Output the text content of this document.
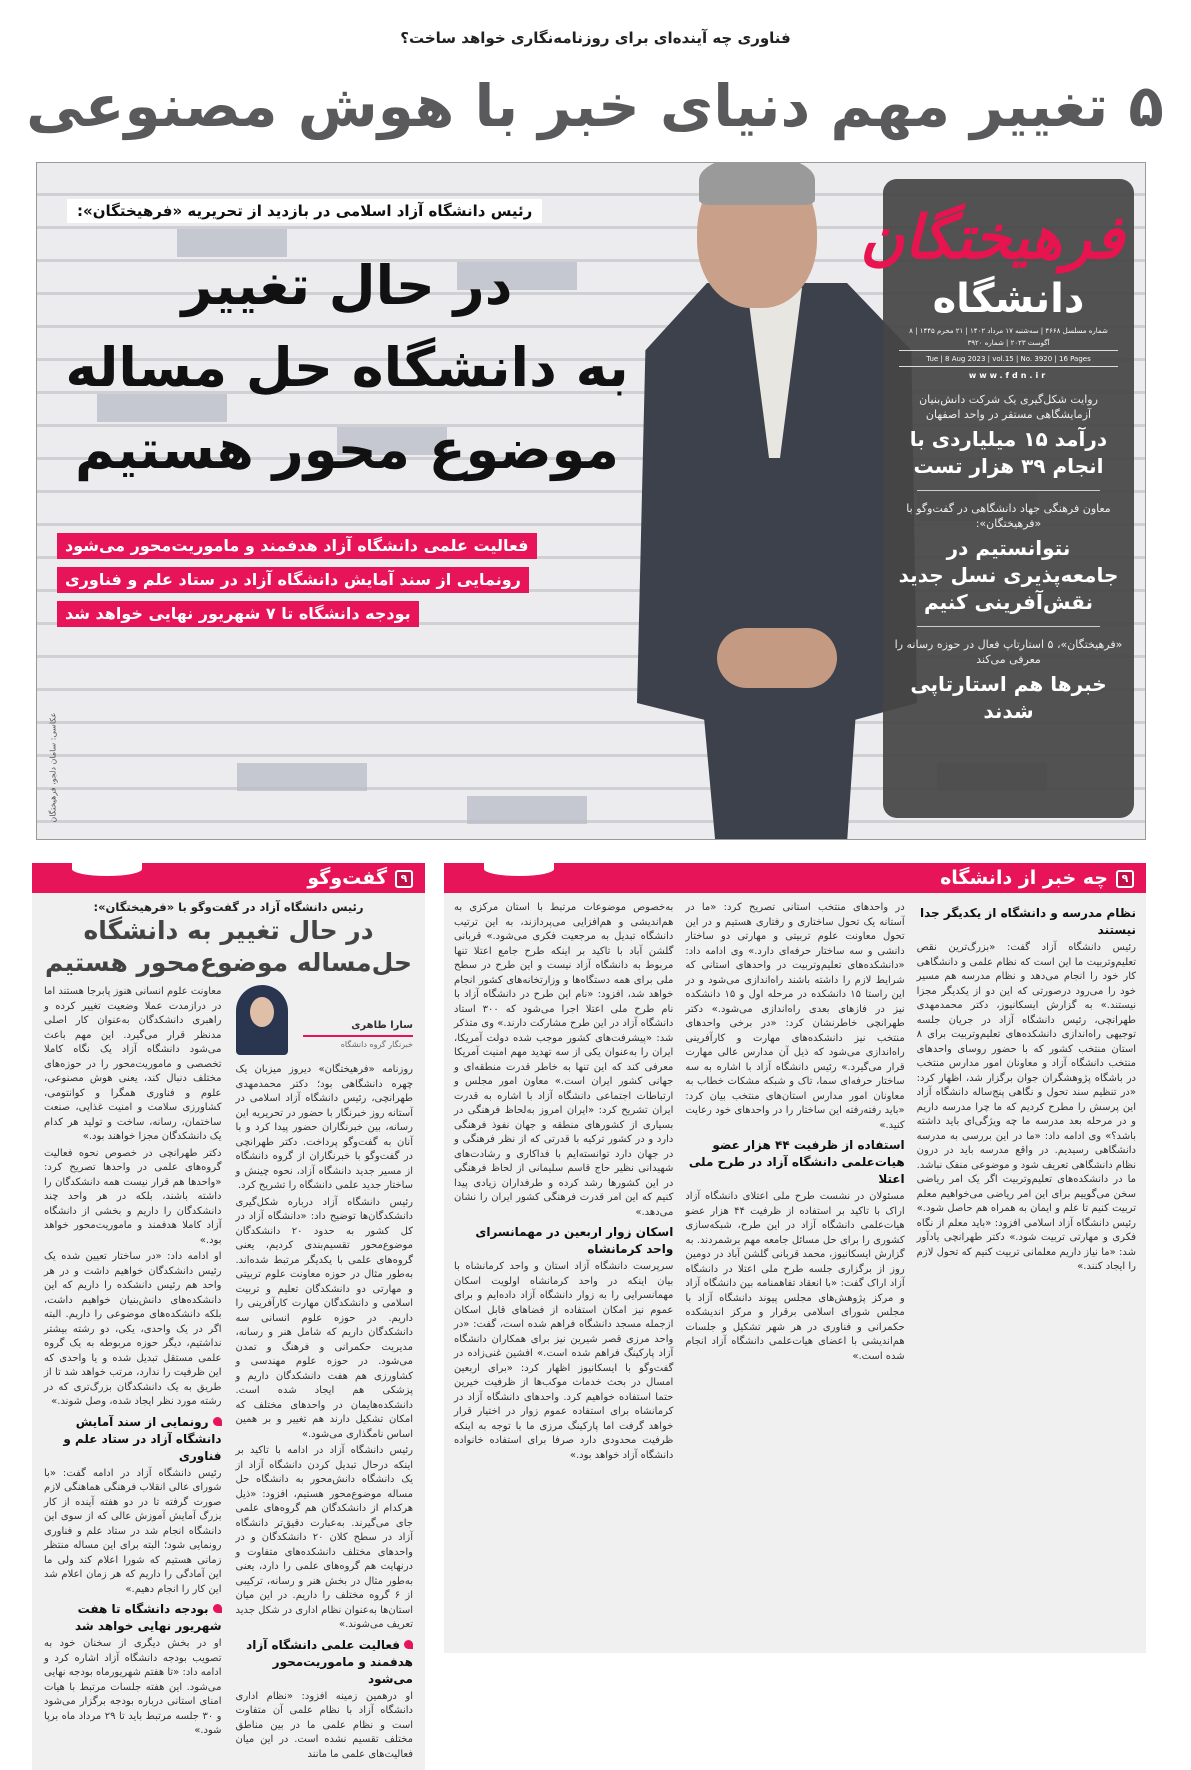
فناوری چه آینده‌ای برای روزنامه‌نگاری خواهد ساخت؟
۵ تغییر مهم دنیای خبر با هوش مصنوعی
رئیس دانشگاه آزاد اسلامی در بازدید از تحریریه «فرهیختگان»:
در حال تغییر
به دانشگاه حل مساله
موضوع محور هستیم
فعالیت علمی دانشگاه آزاد هدفمند و ماموریت‌محور می‌شود
رونمایی از سند آمایش دانشگاه آزاد در ستاد علم و فناوری
بودجه دانشگاه تا ۷ شهریور نهایی خواهد شد
عکاسی: سامان دلجو، فرهیختگان
فرهیختگان
دانشگاه
شماره مسلسل ۴۶۶۸ | سه‌شنبه ۱۷ مرداد ۱۴۰۲ | ۲۱ محرم ۱۴۴۵ | ۸ آگوست ۲۰۲۳ | شماره ۳۹۲۰
Tue | 8 Aug 2023 | vol.15 | No. 3920 | 16 Pages
www.fdn.ir
روایت شکل‌گیری یک شرکت دانش‌بنیان آزمایشگاهی مستقر در واحد اصفهان
درآمد ۱۵ میلیاردی با انجام ۳۹ هزار تست
معاون فرهنگی جهاد دانشگاهی در گفت‌وگو با «فرهیختگان»:
نتوانستیم در جامعه‌پذیری نسل جدید نقش‌آفرینی کنیم
«فرهیختگان»، ۵ استارتاپ فعال در حوزه رسانه را معرفی می‌کند
خبرها هم استارتاپی شدند
۹گفت‌وگو
رئیس دانشگاه آزاد در گفت‌وگو با «فرهیختگان»:
در حال تغییر به دانشگاه حل‌مساله موضوع‌محور هستیم
سارا طاهری
خبرنگار گروه دانشگاه

روزنامه «فرهیختگان» دیروز میزبان یک چهره دانشگاهی بود؛ دکتر محمدمهدی طهرانچی، رئیس دانشگاه آزاد اسلامی در آستانه روز خبرنگار با حضور در تحریریه این رسانه، بین خبرنگاران حضور پیدا کرد و با آنان به گفت‌وگو پرداخت. دکتر طهرانچی در گفت‌وگو با خبرنگاران از گروه دانشگاه از مسیر جدید دانشگاه آزاد، نحوه چینش و ساختار جدید علمی دانشگاه را تشریح کرد.

رئیس دانشگاه آزاد درباره شکل‌گیری دانشکدگان‌ها توضیح داد: «دانشگاه آزاد در کل کشور به حدود ۲۰ دانشکدگان موضوع‌محور تقسیم‌بندی کردیم، یعنی گروه‌های علمی با یکدیگر مرتبط شده‌اند. به‌طور مثال در حوزه معاونت علوم تربیتی و مهارتی دو دانشکدگان تعلیم و تربیت اسلامی و دانشکدگان مهارت کارآفرینی را داریم. در حوزه علوم انسانی سه دانشکدگان داریم که شامل هنر و رسانه، مدیریت حکمرانی و فرهنگ و تمدن می‌شود. در حوزه علوم مهندسی و کشاورزی هم هفت دانشکدگان داریم و پزشکی هم ایجاد شده است. دانشکده‌هایمان در واحدهای مختلف که امکان تشکیل دارند هم تغییر و بر همین اساس نامگذاری می‌شود.»

رئیس دانشگاه آزاد در ادامه با تاکید بر اینکه درحال تبدیل کردن دانشگاه آزاد از یک دانشگاه دانش‌محور به دانشگاه حل مساله موضوع‌محور هستیم، افزود: «ذیل هرکدام از دانشکدگان هم گروه‌های علمی جای می‌گیرند. به‌عبارت دقیق‌تر دانشگاه آزاد در سطح کلان ۲۰ دانشکدگان و در واحدهای مختلف دانشکده‌های متفاوت و درنهایت هم گروه‌های علمی را دارد، یعنی به‌طور مثال در بخش هنر و رسانه، ترکیبی از ۶ گروه مختلف را داریم. در این میان استان‌ها به‌عنوان نظام اداری در شکل جدید تعریف می‌شوند.»

فعالیت علمی دانشگاه آزاد هدفمند و ماموریت‌محور می‌شود

او درهمین زمینه افزود: «نظام اداری دانشگاه آزاد با نظام علمی آن متفاوت است و نظام علمی ما در بین مناطق مختلف تقسیم نشده است. در این میان فعالیت‌های علمی ما مانند

معاونت علوم انسانی هنوز پابرجا هستند اما در درازمدت عملا وضعیت تغییر کرده و راهبری دانشکدگان به‌عنوان کار اصلی مدنظر قرار می‌گیرد. این مهم باعث می‌شود دانشگاه آزاد یک نگاه کاملا تخصصی و ماموریت‌محور را در حوزه‌های مختلف دنبال کند، یعنی هوش مصنوعی، علوم و فناوری همگرا و کوانتومی، کشاورزی سلامت و امنیت غذایی، صنعت ساختمان، رسانه، ساخت و تولید هر کدام یک دانشکدگان مجزا خواهند بود.»

دکتر طهرانچی در خصوص نحوه فعالیت گروه‌های علمی در واحدها تصریح کرد: «واحدها هم قرار نیست همه دانشکدگان را داشته باشند، بلکه در هر واحد چند دانشکدگان را داریم و بخشی از دانشگاه آزاد کاملا هدفمند و ماموریت‌محور خواهد بود.»

او ادامه داد: «در ساختار تعیین شده یک رئیس دانشکدگان خواهیم داشت و در هر واحد هم رئیس دانشکده را داریم که این دانشکده‌های دانش‌بنیان خواهیم داشت، بلکه دانشکده‌های موضوعی را داریم. البته اگر در یک واحدی، یکی، دو رشته بیشتر نداشتیم، دیگر حوزه مربوطه به یک گروه علمی مستقل تبدیل شده و یا واحدی که این ظرفیت را ندارد، مرتب خواهد شد تا از طریق به یک دانشکدگان بزرگ‌تری که در رشته مورد نظر ایجاد شده، وصل شوند.»

رونمایی از سند آمایش دانشگاه آزاد در ستاد علم و فناوری

رئیس دانشگاه آزاد در ادامه گفت: «با شورای عالی انقلاب فرهنگی هماهنگی لازم صورت گرفته تا در دو هفته آینده از کار بزرگ آمایش آموزش عالی که از سوی این دانشگاه انجام شد در ستاد علم و فناوری رونمایی شود؛ البته برای این مساله منتظر زمانی هستیم که شورا اعلام کند ولی ما این آمادگی را داریم که هر زمان اعلام شد این کار را انجام دهیم.»

بودجه دانشگاه تا هفت شهریور نهایی خواهد شد

او در بخش دیگری از سخنان خود به تصویب بودجه دانشگاه آزاد اشاره کرد و ادامه داد: «تا هفتم شهریورماه بودجه نهایی می‌شود. این هفته جلسات مرتبط با هیات امنای استانی درباره بودجه برگزار می‌شود و ۳۰ جلسه مرتبط باید تا ۲۹ مرداد ماه برپا شود.»

۹چه خبر از دانشگاه
نظام مدرسه و دانشگاه از یکدیگر جدا نیستند

رئیس دانشگاه آزاد گفت: «بزرگ‌ترین نقص تعلیم‌وتربیت ما این است که نظام علمی و دانشگاهی کار خود را انجام می‌دهد و نظام مدرسه هم مسیر خود را می‌رود درصورتی که این دو از یکدیگر مجزا نیستند.» به گزارش ایسکانیوز، دکتر محمدمهدی طهرانچی، رئیس دانشگاه آزاد در جریان جلسه توجیهی راه‌اندازی دانشکده‌های تعلیم‌وتربیت برای ۸ استان منتخب کشور که با حضور روسای واحدهای منتخب دانشگاه آزاد و معاونان امور مدارس منتخب در باشگاه پژوهشگران جوان برگزار شد، اظهار کرد: «در تنظیم سند تحول و نگاهی پنج‌ساله دانشگاه آزاد این پرسش را مطرح کردیم که ما چرا مدرسه داریم و در مرحله بعد مدرسه ما چه ویژگی‌ای باید داشته باشد؟» وی ادامه داد: «ما در این بررسی به مدرسه دانشگاهی رسیدیم. در واقع مدرسه باید در درون نظام دانشگاهی تعریف شود و موضوعی منفک نباشد. ما در دانشکده‌های تعلیم‌وتربیت اگر یک امر ریاضی سخن می‌گوییم برای این امر ریاضی می‌خواهیم معلم تربیت کنیم تا علم و ایمان به همراه هم حاصل شود.» رئیس دانشگاه آزاد اسلامی افزود: «باید معلم از نگاه فکری و مهارتی تربیت شود.» دکتر طهرانچی یادآور شد: «ما نیاز داریم معلمانی تربیت کنیم که تحول لازم را ایجاد کنند.»

در واحدهای منتخب استانی تصریح کرد: «ما در آستانه یک تحول ساختاری و رفتاری هستیم و در این تحول معاونت علوم تربیتی و مهارتی دو ساختار دانشی و سه ساختار حرفه‌ای دارد.» وی ادامه داد: «دانشکده‌های تعلیم‌وتربیت در واحدهای استانی که شرایط لازم را داشته باشند راه‌اندازی می‌شود و در این راستا ۱۵ دانشکده در مرحله اول و ۱۵ دانشکده نیز در فازهای بعدی راه‌اندازی می‌شود.» دکتر طهرانچی خاطرنشان کرد: «در برخی واحدهای منتخب نیز دانشکده‌های مهارت و کارآفرینی راه‌اندازی می‌شود که ذیل آن مدارس عالی مهارت قرار می‌گیرد.» رئیس دانشگاه آزاد با اشاره به سه ساختار حرفه‌ای سما، تاک و شبکه مشکات خطاب به معاونان امور مدارس استان‌های منتخب بیان کرد: «باید رفته‌رفته این ساختار را در واحدهای خود رعایت کنید.»

استفاده از ظرفیت ۴۴ هزار عضو هیات‌علمی دانشگاه آزاد در طرح ملی اعتلا

مسئولان در نشست طرح ملی اعتلای دانشگاه آزاد اراک با تاکید بر استفاده از ظرفیت ۴۴ هزار عضو هیات‌علمی دانشگاه آزاد در این طرح، شبکه‌سازی کشوری را برای حل مسائل جامعه مهم برشمردند. به گزارش ایسکانیوز، محمد قربانی گلشن آباد در دومین روز از برگزاری جلسه طرح ملی اعتلا در دانشگاه آزاد اراک گفت: «با انعقاد تفاهمنامه بین دانشگاه آزاد و مرکز پژوهش‌های مجلس پیوند دانشگاه آزاد با مجلس شورای اسلامی برقرار و مرکز اندیشکده حکمرانی و فناوری در هر شهر تشکیل و جلسات هم‌اندیشی با اعضای هیات‌علمی دانشگاه آزاد انجام شده است.»

به‌خصوص موضوعات مرتبط با استان مرکزی به هم‌اندیشی و هم‌افزایی می‌پردازند، به این ترتیب دانشگاه تبدیل به مرجعیت فکری می‌شود.» قربانی گلشن آباد با تاکید بر اینکه طرح جامع اعتلا تنها مربوط به دانشگاه آزاد نیست و این طرح در سطح ملی برای همه دستگاه‌ها و وزارتخانه‌های کشور انجام خواهد شد، افزود: «نام این طرح در دانشگاه آزاد با نام طرح ملی اعتلا اجرا می‌شود که ۳۰۰ استاد دانشگاه آزاد در این طرح مشارکت دارند.» وی متذکر شد: «پیشرفت‌های کشور موجب شده دولت آمریکا، ایران را به‌عنوان یکی از سه تهدید مهم امنیت آمریکا معرفی کند که این تنها به خاطر قدرت منطقه‌ای و جهانی کشور ایران است.» معاون امور مجلس و ارتباطات اجتماعی دانشگاه آزاد با اشاره به قدرت ایران تشریح کرد: «ایران امروز به‌لحاظ فرهنگی در بسیاری از کشورهای منطقه و جهان نفوذ فرهنگی دارد و در کشور ترکیه با قدرتی که از نظر فرهنگی و در جهان دارد توانسته‌ایم با فداکاری و رشادت‌های شهیدانی نظیر حاج قاسم سلیمانی از لحاظ فرهنگی در این کشورها رشد کرده و طرفداران زیادی پیدا کنیم که این امر قدرت فرهنگی کشور ایران را نشان می‌دهد.»

اسکان زوار اربعین در مهمانسرای واحد کرمانشاه

سرپرست دانشگاه آزاد استان و واحد کرمانشاه با بیان اینکه در واحد کرمانشاه اولویت اسکان مهمانسرایی را به زوار دانشگاه آزاد داده‌ایم و برای عموم نیز امکان استفاده از فضاهای قابل اسکان ازجمله مسجد دانشگاه فراهم شده است، گفت: «در واحد مرزی قصر شیرین نیز برای همکاران دانشگاه آزاد پارکینگ فراهم شده است.» افشین غنی‌زاده در گفت‌وگو با ایسکانیوز اظهار کرد: «برای اربعین امسال در بحث خدمات موکب‌ها از ظرفیت خیرین حتما استفاده خواهیم کرد. واحدهای دانشگاه آزاد در کرمانشاه برای استفاده عموم زوار در اختیار قرار خواهد گرفت اما پارکینگ مرزی ما با توجه به اینکه ظرفیت محدودی دارد صرفا برای استفاده خانواده دانشگاه آزاد خواهد بود.»
